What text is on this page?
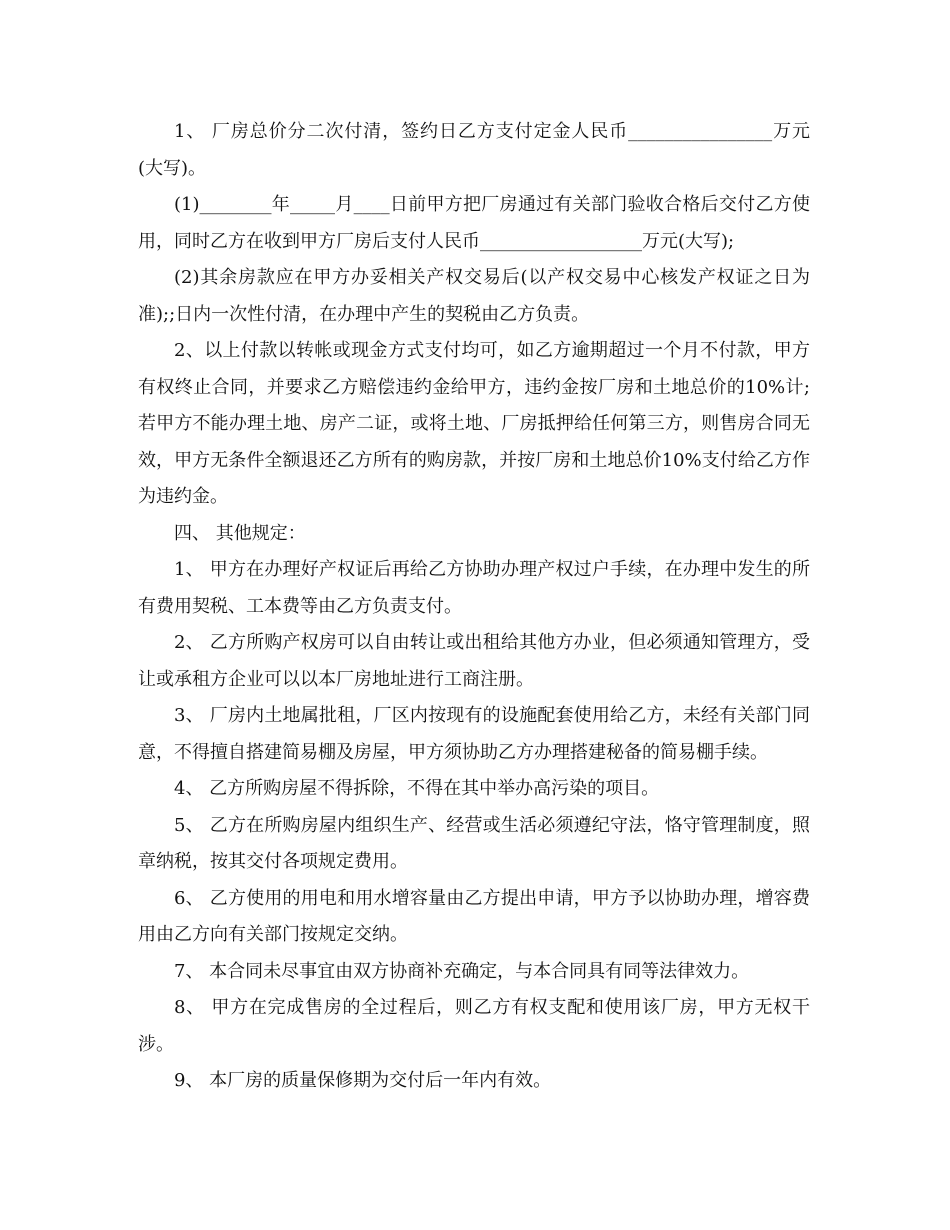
1、 厂房总价分二次付清，签约日乙方支付定金人民币________________万元(大写)。

(1)________年_____月____日前甲方把厂房通过有关部门验收合格后交付乙方使用，同时乙方在收到甲方厂房后支付人民币__________________万元(大写);

(2)其余房款应在甲方办妥相关产权交易后(以产权交易中心核发产权证之日为准);;日内一次性付清，在办理中产生的契税由乙方负责。

2、以上付款以转帐或现金方式支付均可，如乙方逾期超过一个月不付款，甲方有权终止合同，并要求乙方赔偿违约金给甲方，违约金按厂房和土地总价的10%计;若甲方不能办理土地、房产二证，或将土地、厂房抵押给任何第三方，则售房合同无效，甲方无条件全额退还乙方所有的购房款，并按厂房和土地总价10%支付给乙方作为违约金。

四、 其他规定：

1、 甲方在办理好产权证后再给乙方协助办理产权过户手续，在办理中发生的所有费用契税、工本费等由乙方负责支付。

2、 乙方所购产权房可以自由转让或出租给其他方办业，但必须通知管理方，受让或承租方企业可以以本厂房地址进行工商注册。

3、 厂房内土地属批租，厂区内按现有的设施配套使用给乙方，未经有关部门同意，不得擅自搭建简易棚及房屋，甲方须协助乙方办理搭建秘备的简易棚手续。

4、 乙方所购房屋不得拆除，不得在其中举办高污染的项目。

5、 乙方在所购房屋内组织生产、经营或生活必须遵纪守法，恪守管理制度，照章纳税，按其交付各项规定费用。

6、 乙方使用的用电和用水增容量由乙方提出申请，甲方予以协助办理，增容费用由乙方向有关部门按规定交纳。

7、 本合同未尽事宜由双方协商补充确定，与本合同具有同等法律效力。

8、 甲方在完成售房的全过程后，则乙方有权支配和使用该厂房，甲方无权干涉。

9、 本厂房的质量保修期为交付后一年内有效。
